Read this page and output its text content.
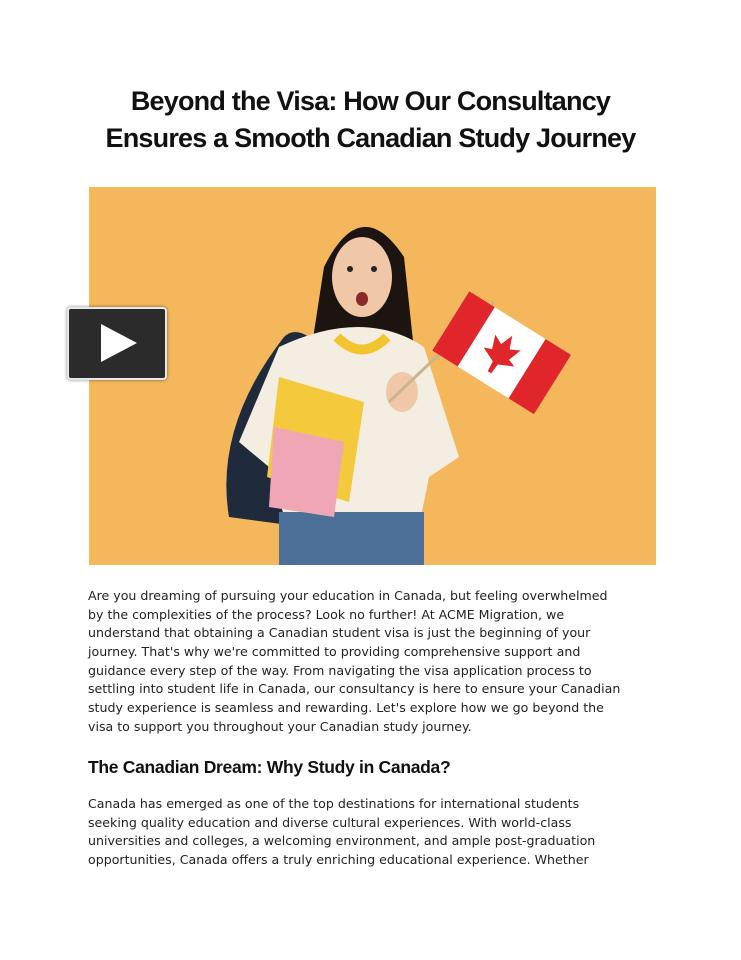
Beyond the Visa: How Our Consultancy
Ensures a Smooth Canadian Study Journey
Are you dreaming of pursuing your education in Canada, but feeling overwhelmed
by the complexities of the process? Look no further! At ACME Migration, we
understand that obtaining a Canadian student visa is just the beginning of your
journey. That's why we're committed to providing comprehensive support and
guidance every step of the way. From navigating the visa application process to
settling into student life in Canada, our consultancy is here to ensure your Canadian
study experience is seamless and rewarding. Let's explore how we go beyond the
visa to support you throughout your Canadian study journey.
The Canadian Dream: Why Study in Canada?
Canada has emerged as one of the top destinations for international students
seeking quality education and diverse cultural experiences. With world-class
universities and colleges, a welcoming environment, and ample post-graduation
opportunities, Canada offers a truly enriching educational experience. Whether
